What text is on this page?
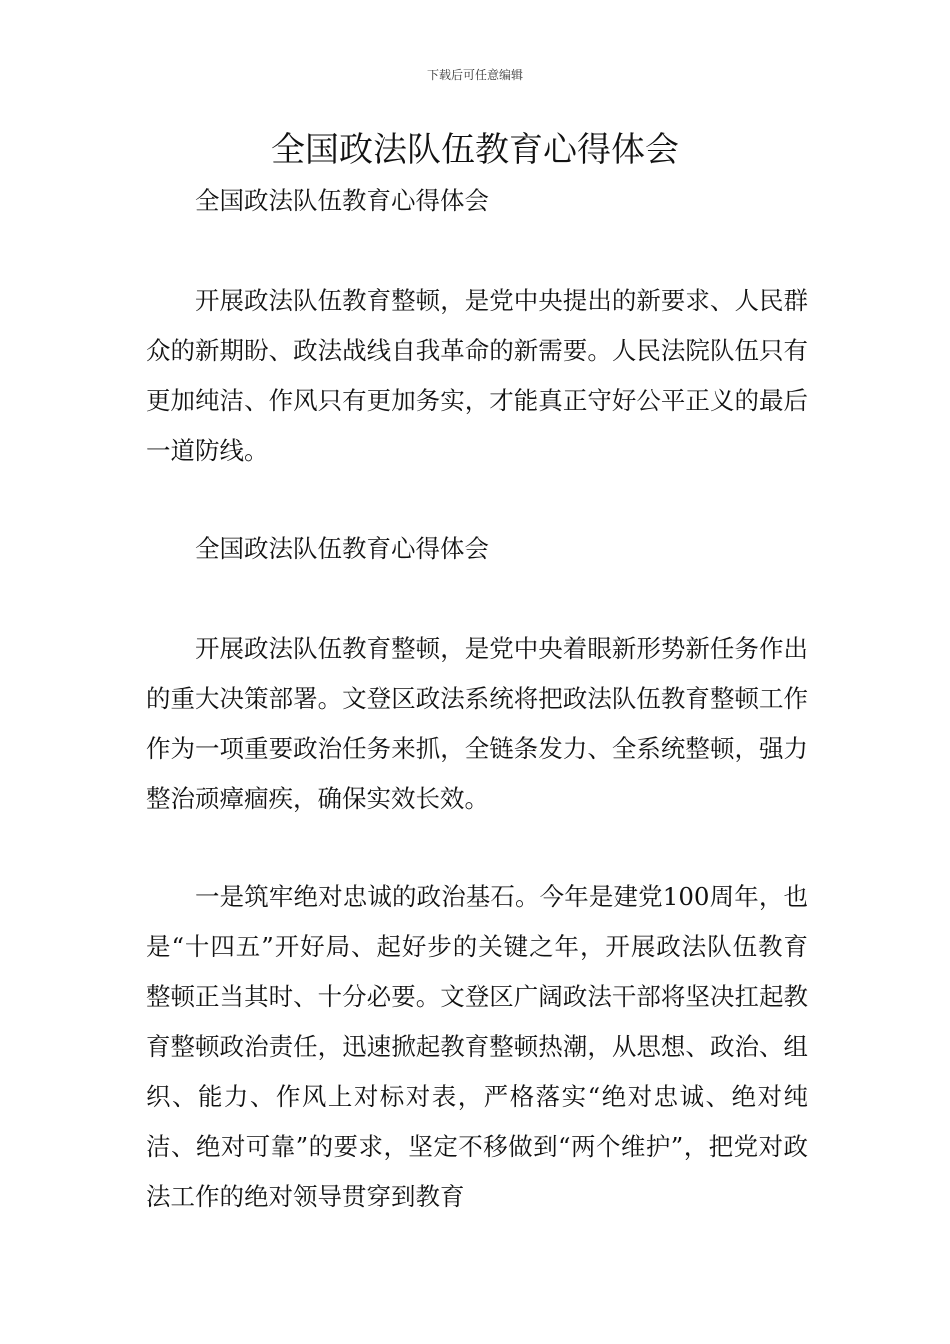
下载后可任意编辑
全国政法队伍教育心得体会

全国政法队伍教育心得体会

开展政法队伍教育整顿，是党中央提出的新要求、人民群众的新期盼、政法战线自我革命的新需要。人民法院队伍只有更加纯洁、作风只有更加务实，才能真正守好公平正义的最后一道防线。

全国政法队伍教育心得体会

开展政法队伍教育整顿，是党中央着眼新形势新任务作出的重大决策部署。文登区政法系统将把政法队伍教育整顿工作作为一项重要政治任务来抓，全链条发力、全系统整顿，强力整治顽瘴痼疾，确保实效长效。

一是筑牢绝对忠诚的政治基石。今年是建党100周年，也是“十四五”开好局、起好步的关键之年，开展政法队伍教育整顿正当其时、十分必要。文登区广阔政法干部将坚决扛起教育整顿政治责任，迅速掀起教育整顿热潮，从思想、政治、组织、能力、作风上对标对表，严格落实“绝对忠诚、绝对纯洁、绝对可靠”的要求，坚定不移做到“两个维护”，把党对政法工作的绝对领导贯穿到教育
